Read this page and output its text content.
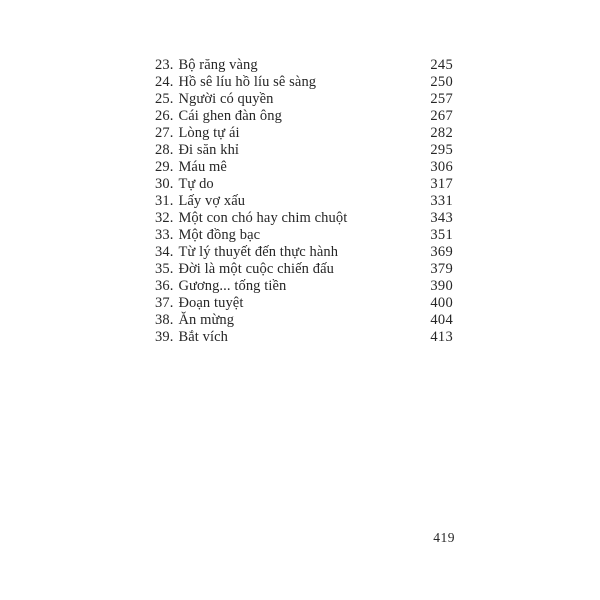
23. Bộ răng vàng	245
24. Hồ sê líu hồ líu sê sàng	250
25. Người có quyền	257
26. Cái ghen đàn ông	267
27. Lòng tự ái	282
28. Đi săn khỉ	295
29. Máu mê	306
30. Tự do	317
31. Lấy vợ xấu	331
32. Một con chó hay chim chuột	343
33. Một đồng bạc	351
34. Từ lý thuyết đến thực hành	369
35. Đời là một cuộc chiến đấu	379
36. Gương... tống tiền	390
37. Đoạn tuyệt	400
38. Ăn mừng	404
39. Bắt vích	413
419
